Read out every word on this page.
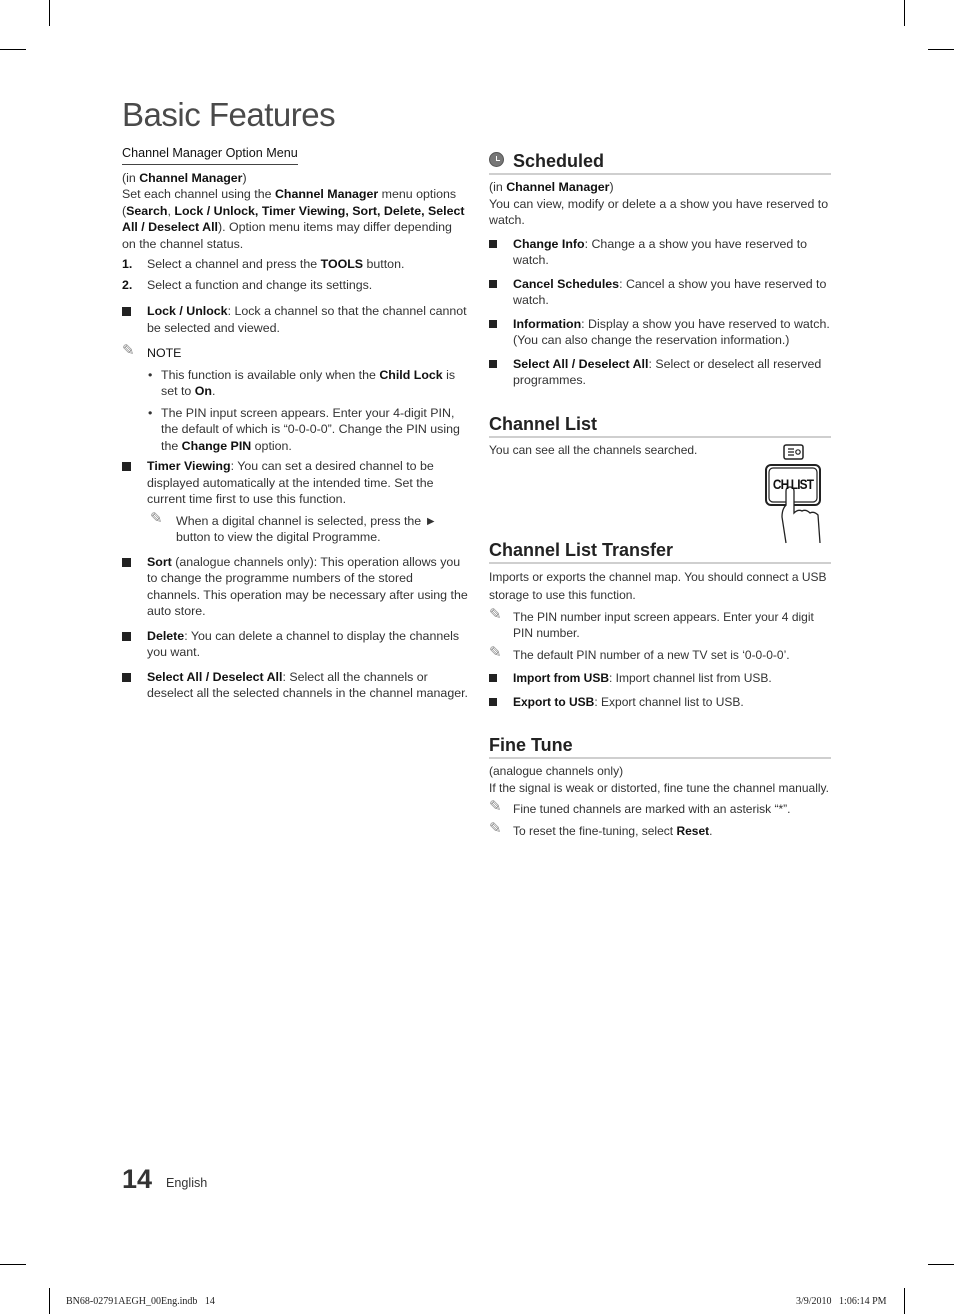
Basic Features
Channel Manager Option Menu

(in Channel Manager)

Set each channel using the Channel Manager menu options (Search, Lock / Unlock, Timer Viewing, Sort, Delete, Select All / Deselect All). Option menu items may differ depending on the channel status.

1. Select a channel and press the TOOLS button.
2. Select a function and change its settings.
Lock / Unlock: Lock a channel so that the channel cannot be selected and viewed.
✎ NOTE
• This function is available only when the Child Lock is set to On.
• The PIN input screen appears. Enter your 4-digit PIN, the default of which is “0-0-0-0”. Change the PIN using the Change PIN option.
Timer Viewing: You can set a desired channel to be displayed automatically at the intended time. Set the current time first to use this function.
✎ When a digital channel is selected, press the ► button to view the digital Programme.
Sort (analogue channels only): This operation allows you to change the programme numbers of the stored channels. This operation may be necessary after using the auto store.
Delete: You can delete a channel to display the channels you want.
Select All / Deselect All: Select all the channels or deselect all the selected channels in the channel manager.
Scheduled

(in Channel Manager)

You can view, modify or delete a a show you have reserved to watch.

Change Info: Change a a show you have reserved to watch.
Cancel Schedules: Cancel a show you have reserved to watch.
Information: Display a show you have reserved to watch. (You can also change the reservation information.)
Select All / Deselect All: Select or deselect all reserved programmes.
Channel List

You can see all the channels searched.

CH LIST
Channel List Transfer

Imports or exports the channel map. You should connect a USB storage to use this function.

✎ The PIN number input screen appears. Enter your 4 digit PIN number.
✎ The default PIN number of a new TV set is ‘0-0-0-0’.
Import from USB: Import channel list from USB.
Export to USB: Export channel list to USB.
Fine Tune

(analogue channels only)

If the signal is weak or distorted, fine tune the channel manually.

✎ Fine tuned channels are marked with an asterisk “*”.
✎ To reset the fine-tuning, select Reset.
14 English
BN68-02791AEGH_00Eng.indb   14	3/9/2010   1:06:14 PM
